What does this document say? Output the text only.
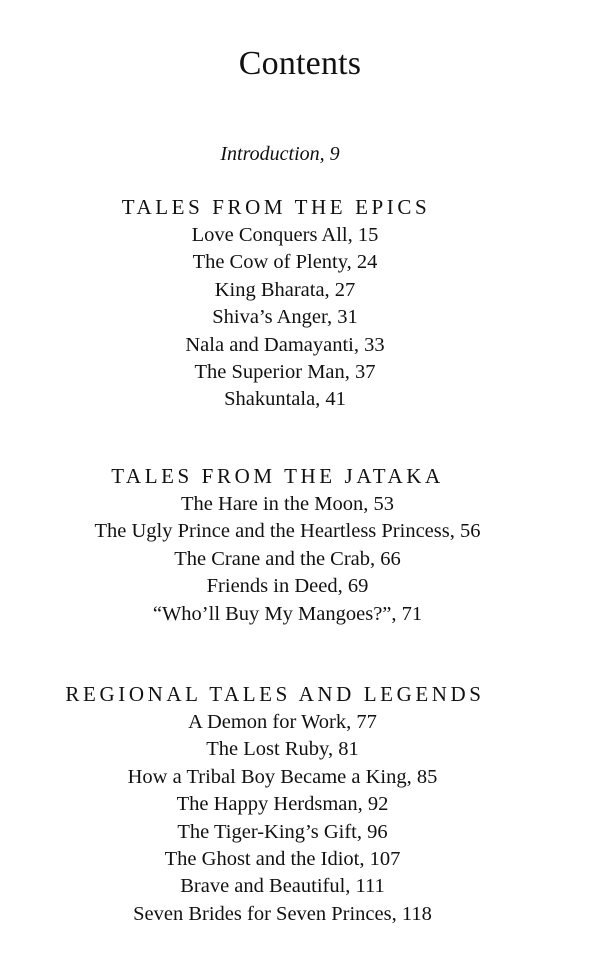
Contents
Introduction, 9
TALES FROM THE EPICS
Love Conquers All, 15
The Cow of Plenty, 24
King Bharata, 27
Shiva’s Anger, 31
Nala and Damayanti, 33
The Superior Man, 37
Shakuntala, 41
TALES FROM THE JATAKA
The Hare in the Moon, 53
The Ugly Prince and the Heartless Princess, 56
The Crane and the Crab, 66
Friends in Deed, 69
“Who’ll Buy My Mangoes?”, 71
REGIONAL TALES AND LEGENDS
A Demon for Work, 77
The Lost Ruby, 81
How a Tribal Boy Became a King, 85
The Happy Herdsman, 92
The Tiger-King’s Gift, 96
The Ghost and the Idiot, 107
Brave and Beautiful, 111
Seven Brides for Seven Princes, 118
